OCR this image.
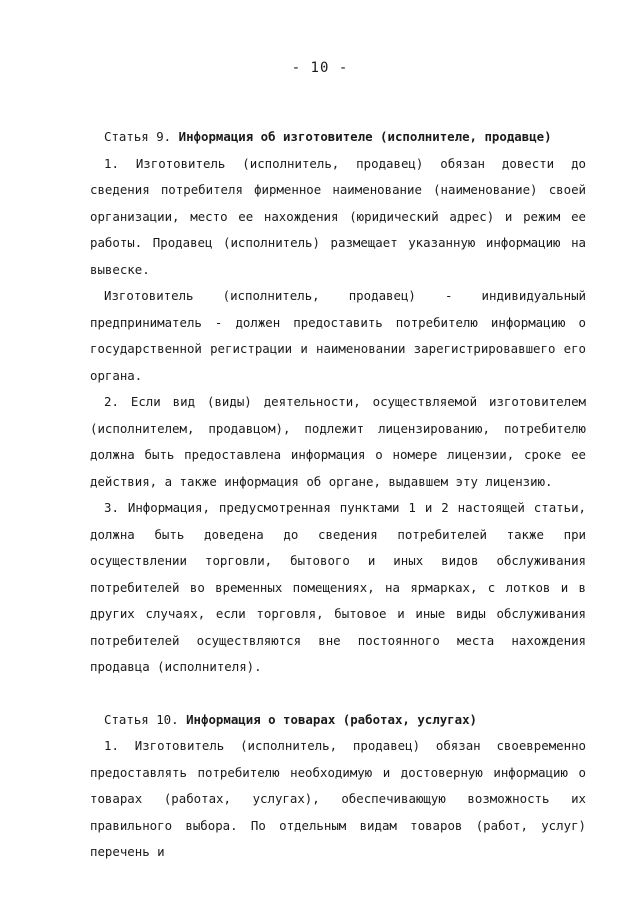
- 10 -

Статья 9. Информация об изготовителе (исполнителе, продавце)

1. Изготовитель (исполнитель, продавец) обязан довести до сведения потребителя фирменное наименование (наименование) своей организации, место ее нахождения (юридический адрес) и режим ее работы. Продавец (исполнитель) размещает указанную информацию на вывеске.

Изготовитель (исполнитель, продавец) - индивидуальный предприниматель - должен предоставить потребителю информацию о государственной регистрации и наименовании зарегистрировавшего его органа.

2. Если вид (виды) деятельности, осуществляемой изготовителем (исполнителем, продавцом), подлежит лицензированию, потребителю должна быть предоставлена информация о номере лицензии, сроке ее действия, а также информация об органе, выдавшем эту лицензию.

3. Информация, предусмотренная пунктами 1 и 2 настоящей статьи, должна быть доведена до сведения потребителей также при осуществлении торговли, бытового и иных видов обслуживания потребителей во временных помещениях, на ярмарках, с лотков и в других случаях, если торговля, бытовое и иные виды обслуживания потребителей осуществляются вне постоянного места нахождения продавца (исполнителя).

Статья 10. Информация о товарах (работах, услугах)

1. Изготовитель (исполнитель, продавец) обязан своевременно предоставлять потребителю необходимую и достоверную информацию о товарах (работах, услугах), обеспечивающую возможность их правильного выбора. По отдельным видам товаров (работ, услуг) перечень и
